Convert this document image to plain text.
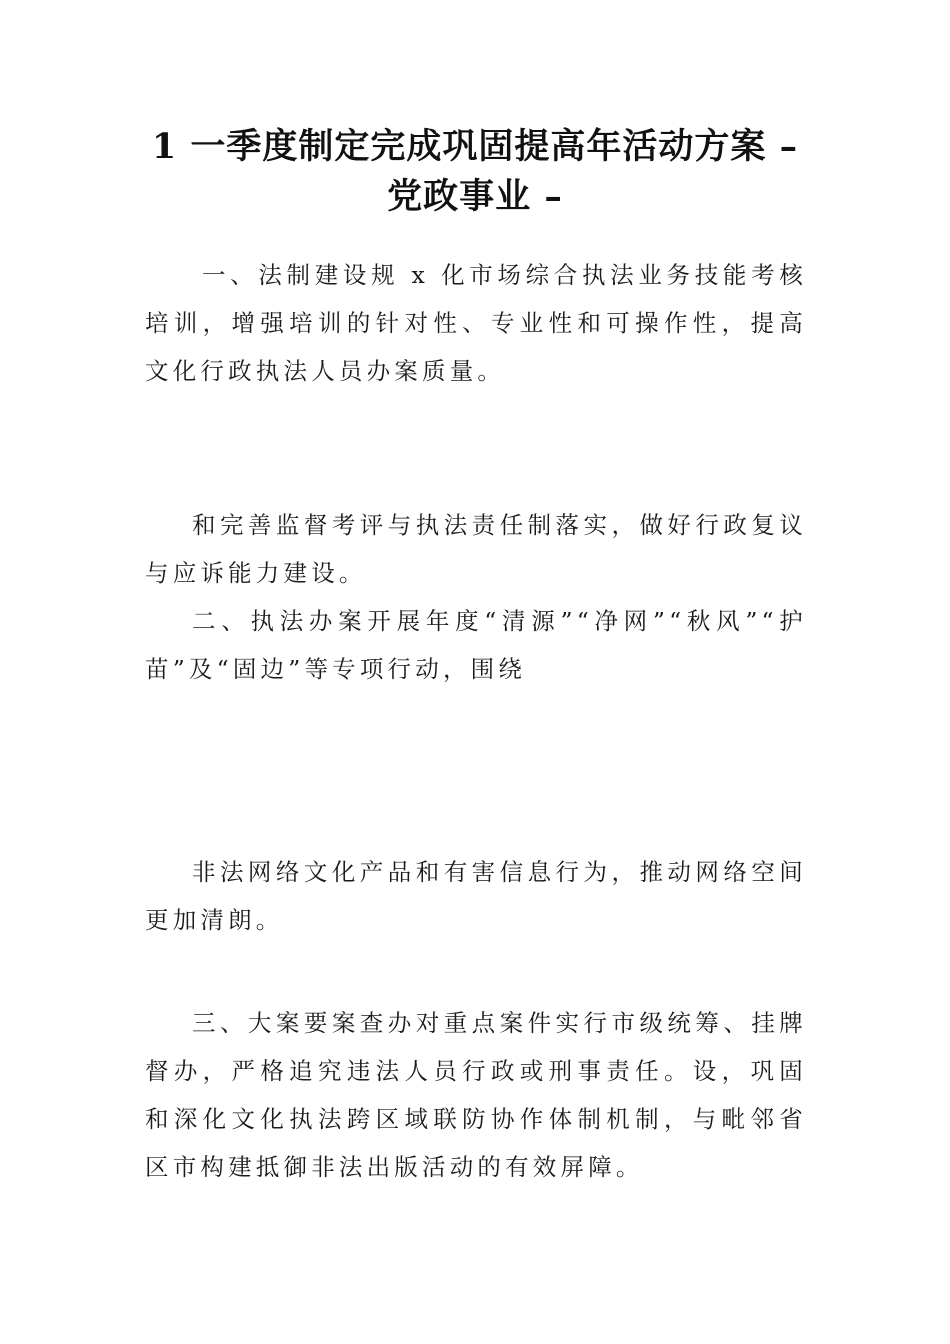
1 一季度制定完成巩固提高年活动方案 – 党政事业 –

一、法制建设规 x 化市场综合执法业务技能考核培训，增强培训的针对性、专业性和可操作性，提高文化行政执法人员办案质量。

和完善监督考评与执法责任制落实，做好行政复议与应诉能力建设。

二、执法办案开展年度“清源”“净网”“秋风”“护苗”及“固边”等专项行动，围绕

非法网络文化产品和有害信息行为，推动网络空间更加清朗。

三、大案要案查办对重点案件实行市级统筹、挂牌督办，严格追究违法人员行政或刑事责任。设，巩固和深化文化执法跨区域联防协作体制机制，与毗邻省区市构建抵御非法出版活动的有效屏障。
